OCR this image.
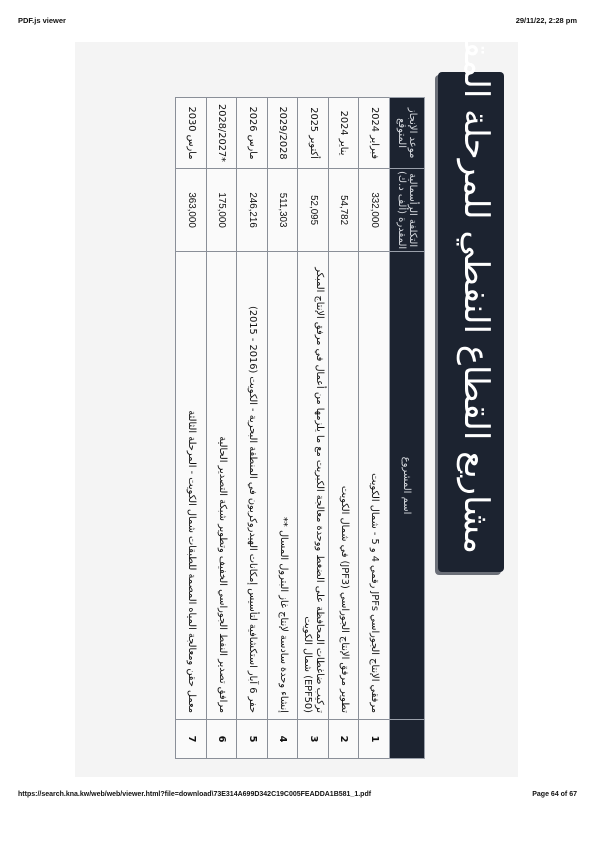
PDF.js viewer	29/11/22, 2:28 pm
مشاريع القطاع النفطي للمرحلة المقبلة
	اسم المشروع	التكلفة الرأسمالية المقدرة (ألف د.ك)	موعد الإنجاز المتوقع
1	مرفقي الإنتاج الجوراسي JPFs رقمي 4 و 5 - شمال الكويت	332,000	فبراير 2024
2	تطوير مرفق الإنتاج الجوراسي (JPF3) في شمال الكويت	54,782	يناير 2024
3	تركيب ضاغطات المحافظة على الضغط ووحدة معالجة الكبريت مع ما يلزمها من أعمال في مرفق الإنتاج المبكر (EPF50) شمال الكويت	52,095	أكتوبر 2025
4	إنشاء وحدة سادسة لإنتاج غاز البترول المسال **	511,303	2029/2028
5	حفر 6 آبار استكشافية لتأسيس إمكانات الهيدروكربون في المنطقة البحرية - الكويت (2016 - 2015)	246,216	مارس 2026
6	مرافق تصدير النفط الجوراسي الخفيف وتطوير شبكة التصدير الحالية	175,000	*2028/2027
7	معمل حقن ومعالجة المياه المصمة للطبقات شمال الكويت - المرحلة الثالثة	363,000	مارس 2030
https://search.kna.kw/web/web/viewer.html?file=download\73E314A699D342C19C005FEADDA1B581_1.pdf	Page 64 of 67
